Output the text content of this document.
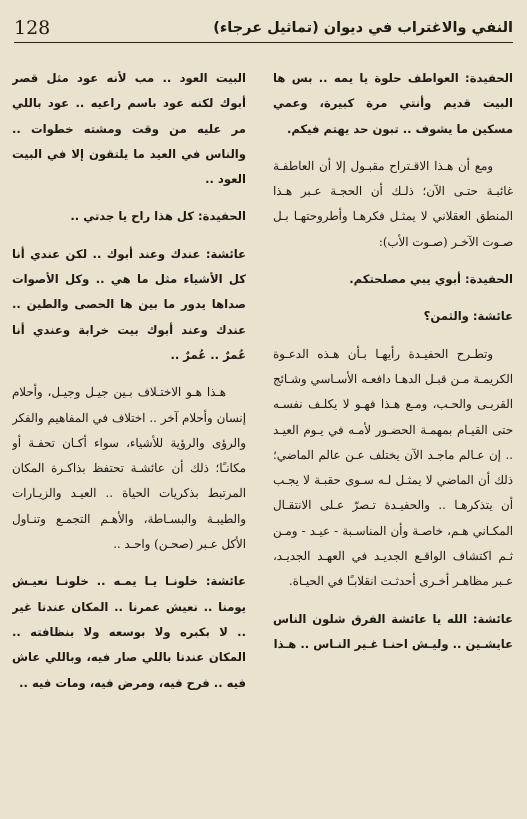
128	النفي والاغتراب في ديوان (تماثيل عرجاء)

الحفيدة: العواطف حلوة يا يمه .. بس ها البيت قديم وأنتي مرة كبيرة، وعمي مسكين ما يشوف .. تبون حد يهتم فيكم.

ومع أن هـذا الاقـتراح مقبـول إلا أن العاطفـة غائبـة حتـى الآن؛ ذلـك أن الحجـة عـبر هـذا المنطق العقلاني لا يمثـل فكرهـا وأطروحتهـا بـل صـوت الآخـر (صـوت الأب):

الحفيدة: أبوي يبي مصلحتكم.

عائشة: والثمن؟

وتطـرح الحفيـدة رأيهـا بـأن هـذه الدعـوة الكريمـة مـن قبـل الدهـا دافعـه الأسـاسي وشـائج القربـى والحـب، ومـع هـذا فهـو لا يكلـف نفسـه حتى القيـام بمهمـة الحضـور لأمـه في يـوم العيـد .. إن عـالم ماجـد الآن يختلف عـن عالم الماضي؛ ذلك أن الماضي لا يمثـل لـه سـوى حقبـة لا يجـب أن يتذكرهـا .. والحفيـدة تـصرّ عـلى الانتقـال المكـاني هـم، خاصـة وأن المناسـبة - عيـد - ومـن ثـم اكتشاف الواقـع الجديـد في العهـد الجديـد، عـبر مظاهـر أخـرى أحدثـت انقلابـًا في الحيـاة.

عائشة: الله يا عائشة الفرق شلون الناس عايشـين .. وليـش احنـا غـير النـاس .. هـذا

البيت العود .. مب لأنه عود مثل قصر أبوك لكنه عود باسم راعيه .. عود باللي مر عليه من وقت ومشته خطوات .. والناس في العيد ما يلتقون إلا في البيت العود ..

الحفيدة: كل هذا راح يا جدتي ..

عائشة: عندك وعند أبوك .. لكن عندي أنا كل الأشياء مثل ما هي .. وكل الأصوات صداها يدور ما بين ها الحصى والطين .. عندك وعند أبوك بيت خرابة وعندي أنا عُمرٌ .. عُمرٌ ..

هـذا هـو الاختـلاف بـين جيـل وجيـل، وأحلام إنسان وأحلام آخر .. اختلاف في المفاهيم والفكر والرؤى والرؤية للأشياء، سواء أكـان تحفـة أو مكانـًا؛ ذلك أن عائشـة تحتفظ بذاكـرة المكان المرتبط بذكريات الحياة .. العيـد والزيـارات والطيبـة والبسـاطة، والأهـم التجمـع وتنـاول الأكل عـبر (صحـن) واحـد ..

عائشة: خلونـا يـا يمـه .. خلونـا نعيـش يومنا .. نعيش عمرنا .. المكان عندنا غير .. لا بكبره ولا بوسعه ولا بنظافته .. المكان عندنا باللي صار فيه، وباللي عاش فيه .. فرح فيه، ومرض فيه، ومات فيه ..
